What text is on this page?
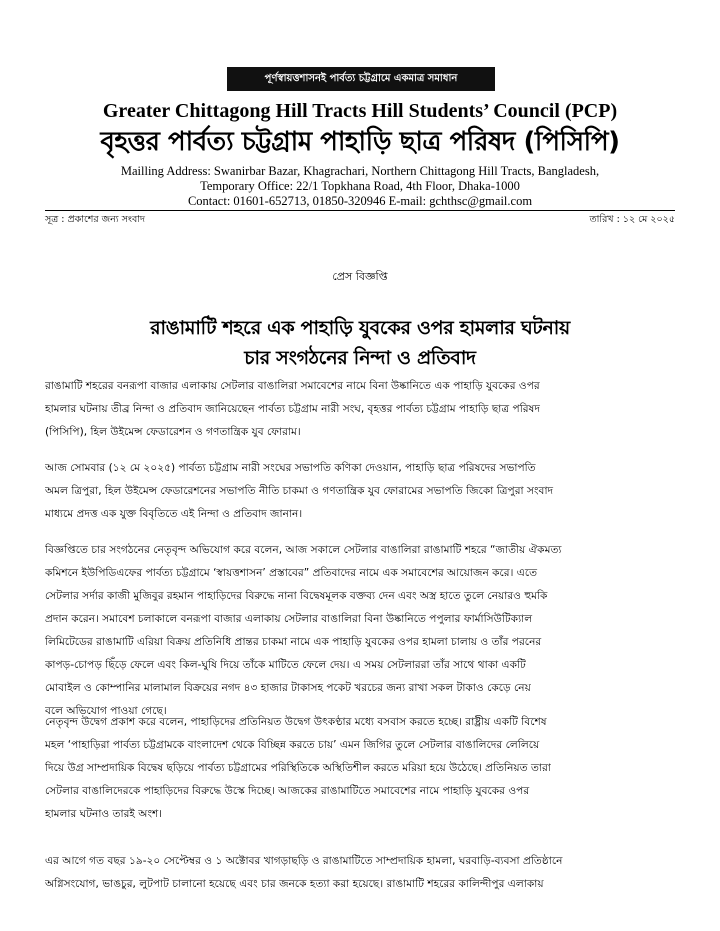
পূর্ণস্বায়ত্তশাসনই পার্বত্য চট্টগ্রামে একমাত্র সমাধান
Greater Chittagong Hill Tracts Hill Students’ Council (PCP)
বৃহত্তর পার্বত্য চট্টগ্রাম পাহাড়ি ছাত্র পরিষদ (পিসিপি)
Mailling Address: Swanirbar Bazar, Khagrachari, Northern Chittagong Hill Tracts, Bangladesh,
Temporary Office: 22/1 Topkhana Road, 4th Floor, Dhaka-1000
Contact: 01601-652713, 01850-320946 E-mail: gchthsc@gmail.com
সূত্র : প্রকাশের জন্য সংবাদ	তারিখ : ১২ মে ২০২৫
প্রেস বিজ্ঞপ্তি
রাঙামাটি শহরে এক পাহাড়ি যুবকের ওপর হামলার ঘটনায়
চার সংগঠনের নিন্দা ও প্রতিবাদ
রাঙামাটি শহরের বনরূপা বাজার এলাকায় সেটলার বাঙালিরা সমাবেশের নামে বিনা উষ্কানিতে এক পাহাড়ি যুবকের ওপর
হামলার ঘটনায় তীব্র নিন্দা ও প্রতিবাদ জানিয়েছেন পার্বত্য চট্টগ্রাম নারী সংঘ, বৃহত্তর পার্বত্য চট্টগ্রাম পাহাড়ি ছাত্র পরিষদ
(পিসিপি), হিল উইমেন্স ফেডারেশন ও গণতান্ত্রিক যুব ফোরাম।
আজ সোমবার (১২ মে ২০২৫) পার্বত্য চট্টগ্রাম নারী সংঘের সভাপতি কণিকা দেওয়ান, পাহাড়ি ছাত্র পরিষদের সভাপতি
অমল ত্রিপুরা, হিল উইমেন্স ফেডারেশনের সভাপতি নীতি চাকমা ও গণতান্ত্রিক যুব ফোরামের সভাপতি জিকো ত্রিপুরা সংবাদ
মাধ্যমে প্রদত্ত এক যুক্ত বিবৃতিতে এই নিন্দা ও প্রতিবাদ জানান।
বিজ্ঞপ্তিতে চার সংগঠনের নেতৃবৃন্দ অভিযোগ করে বলেন, আজ সকালে সেটলার বাঙালিরা রাঙামাটি শহরে “জাতীয় ঐকমত্য
কমিশনে ইউপিডিএফের পার্বত্য চট্টগ্রামে ‘স্বায়ত্তশাসন’ প্রস্তাবের” প্রতিবাদের নামে এক সমাবেশের আয়োজন করে। এতে
সেটলার সর্দার কাজী মুজিবুর রহমান পাহাড়িদের বিরুদ্ধে নানা বিদ্বেষমূলক বক্তব্য দেন এবং অস্ত্র হাতে তুলে নেয়ারও হুমকি
প্রদান করেন। সমাবেশ চলাকালে বনরূপা বাজার এলাকায় সেটলার বাঙালিরা বিনা উষ্কানিতে পপুলার ফার্মাসিউটিক্যাল
লিমিটেডের রাঙামাটি এরিয়া বিক্রয় প্রতিনিধি প্রান্তর চাকমা নামে এক পাহাড়ি যুবকের ওপর হামলা চালায় ও তাঁর পরনের
কাপড়-চোপড় ছিঁড়ে ফেলে এবং কিল-ঘুষি দিয়ে তাঁকে মাটিতে ফেলে দেয়। এ সময় সেটলাররা তাঁর সাথে থাকা একটি
মোবাইল ও কোম্পানির মালামাল বিক্রয়ের নগদ ৪৩ হাজার টাকাসহ পকেট খরচের জন্য রাখা সকল টাকাও কেড়ে নেয়
বলে অভিযোগ পাওয়া গেছে।
নেতৃবৃন্দ উদ্বেগ প্রকাশ করে বলেন, পাহাড়িদের প্রতিনিয়ত উদ্বেগ উৎকণ্ঠার মধ্যে বসবাস করতে হচ্ছে। রাষ্ট্রীয় একটি বিশেষ
মহল ‘পাহাড়িরা পার্বত্য চট্টগ্রামকে বাংলাদেশ থেকে বিচ্ছিন্ন করতে চায়’ এমন জিগির তুলে সেটলার বাঙালিদের লেলিয়ে
দিয়ে উগ্র সাম্প্রদায়িক বিদ্বেষ ছড়িয়ে পার্বত্য চট্টগ্রামের পরিস্থিতিকে অস্থিতিশীল করতে মরিয়া হয়ে উঠেছে। প্রতিনিয়ত তারা
সেটলার বাঙালিদেরকে পাহাড়িদের বিরুদ্ধে উস্কে দিচ্ছে। আজকের রাঙামাটিতে সমাবেশের নামে পাহাড়ি যুবকের ওপর
হামলার ঘটনাও তারই অংশ।
এর আগে গত বছর ১৯-২০ সেপ্টেম্বর ও ১ অক্টোবর খাগড়াছড়ি ও রাঙামাটিতে সাম্প্রদায়িক হামলা, ঘরবাড়ি-ব্যবসা প্রতিষ্ঠানে
অগ্নিসংযোগ, ভাঙচুর, লুটপাট চালানো হয়েছে এবং চার জনকে হত্যা করা হয়েছে। রাঙামাটি শহরের কালিন্দীপুর এলাকায়
